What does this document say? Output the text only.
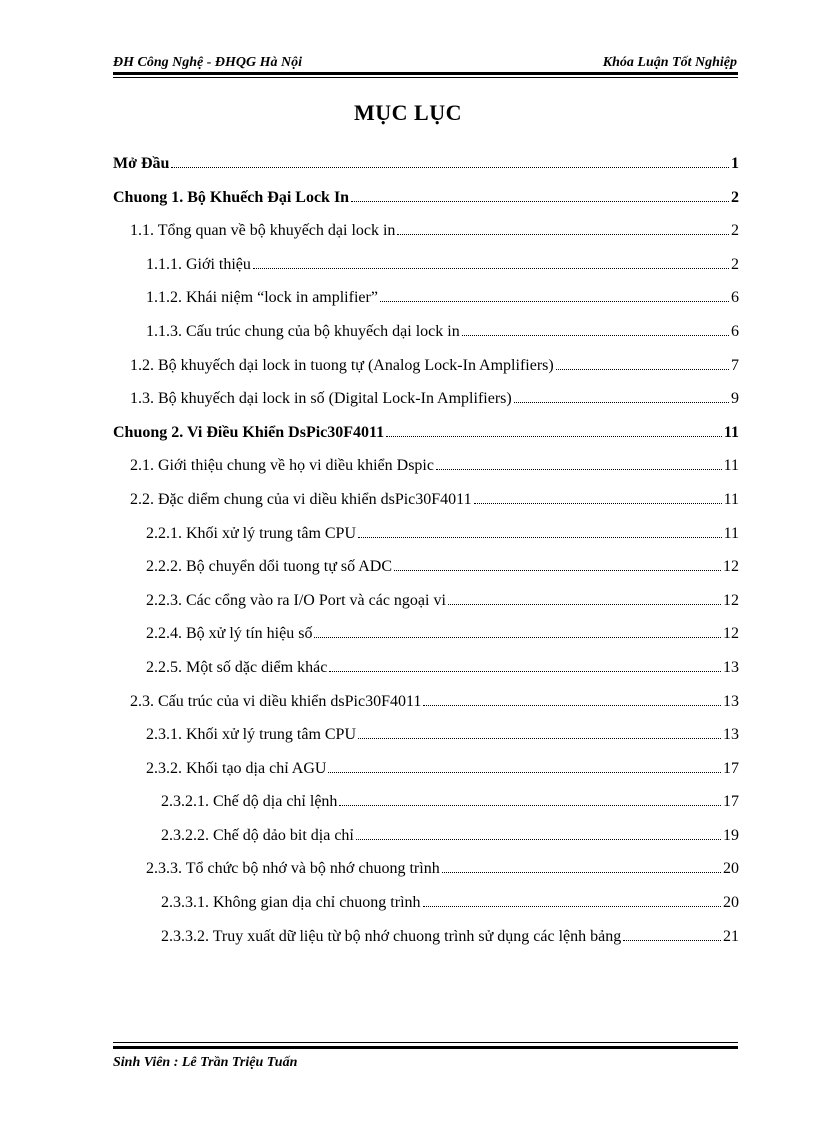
ĐH Công Nghệ - ĐHQG Hà Nội	Khóa Luận Tốt Nghiệp
MỤC LỤC
Mở Đầu	1
Chuong 1. Bộ Khuếch Đại Lock In	2
1.1. Tổng quan về bộ khuyếch dại lock in	2
1.1.1. Giới thiệu	2
1.1.2. Khái niệm “lock in amplifier”	6
1.1.3. Cấu trúc chung của bộ khuyếch dại lock in	6
1.2. Bộ khuyếch dại lock in tuong tự (Analog Lock-In Amplifiers)	7
1.3. Bộ khuyếch dại lock in số (Digital Lock-In Amplifiers)	9
Chuong 2. Vi Điều Khiển DsPic30F4011	11
2.1. Giới thiệu chung về họ vi diều khiển Dspic	11
2.2. Đặc diểm chung của vi diều khiển dsPic30F4011	11
2.2.1. Khối xử lý trung tâm CPU	11
2.2.2. Bộ chuyển dổi tuong tự số ADC	12
2.2.3. Các cổng vào ra I/O Port và các ngoại vi	12
2.2.4. Bộ xử lý tín hiệu số	12
2.2.5. Một số dặc diểm khác	13
2.3. Cấu trúc của vi diều khiển dsPic30F4011	13
2.3.1. Khối xử lý trung tâm CPU	13
2.3.2. Khối tạo dịa chỉ AGU	17
2.3.2.1. Chế dộ dịa chỉ lệnh	17
2.3.2.2. Chế dộ dảo bit dịa chỉ	19
2.3.3. Tổ chức bộ nhớ và bộ nhớ chuong trình	20
2.3.3.1. Không gian dịa chỉ chuong trình	20
2.3.3.2. Truy xuất dữ liệu từ bộ nhớ chuong trình sử dụng các lệnh bảng	21
Sinh Viên : Lê Trần Triệu Tuấn
